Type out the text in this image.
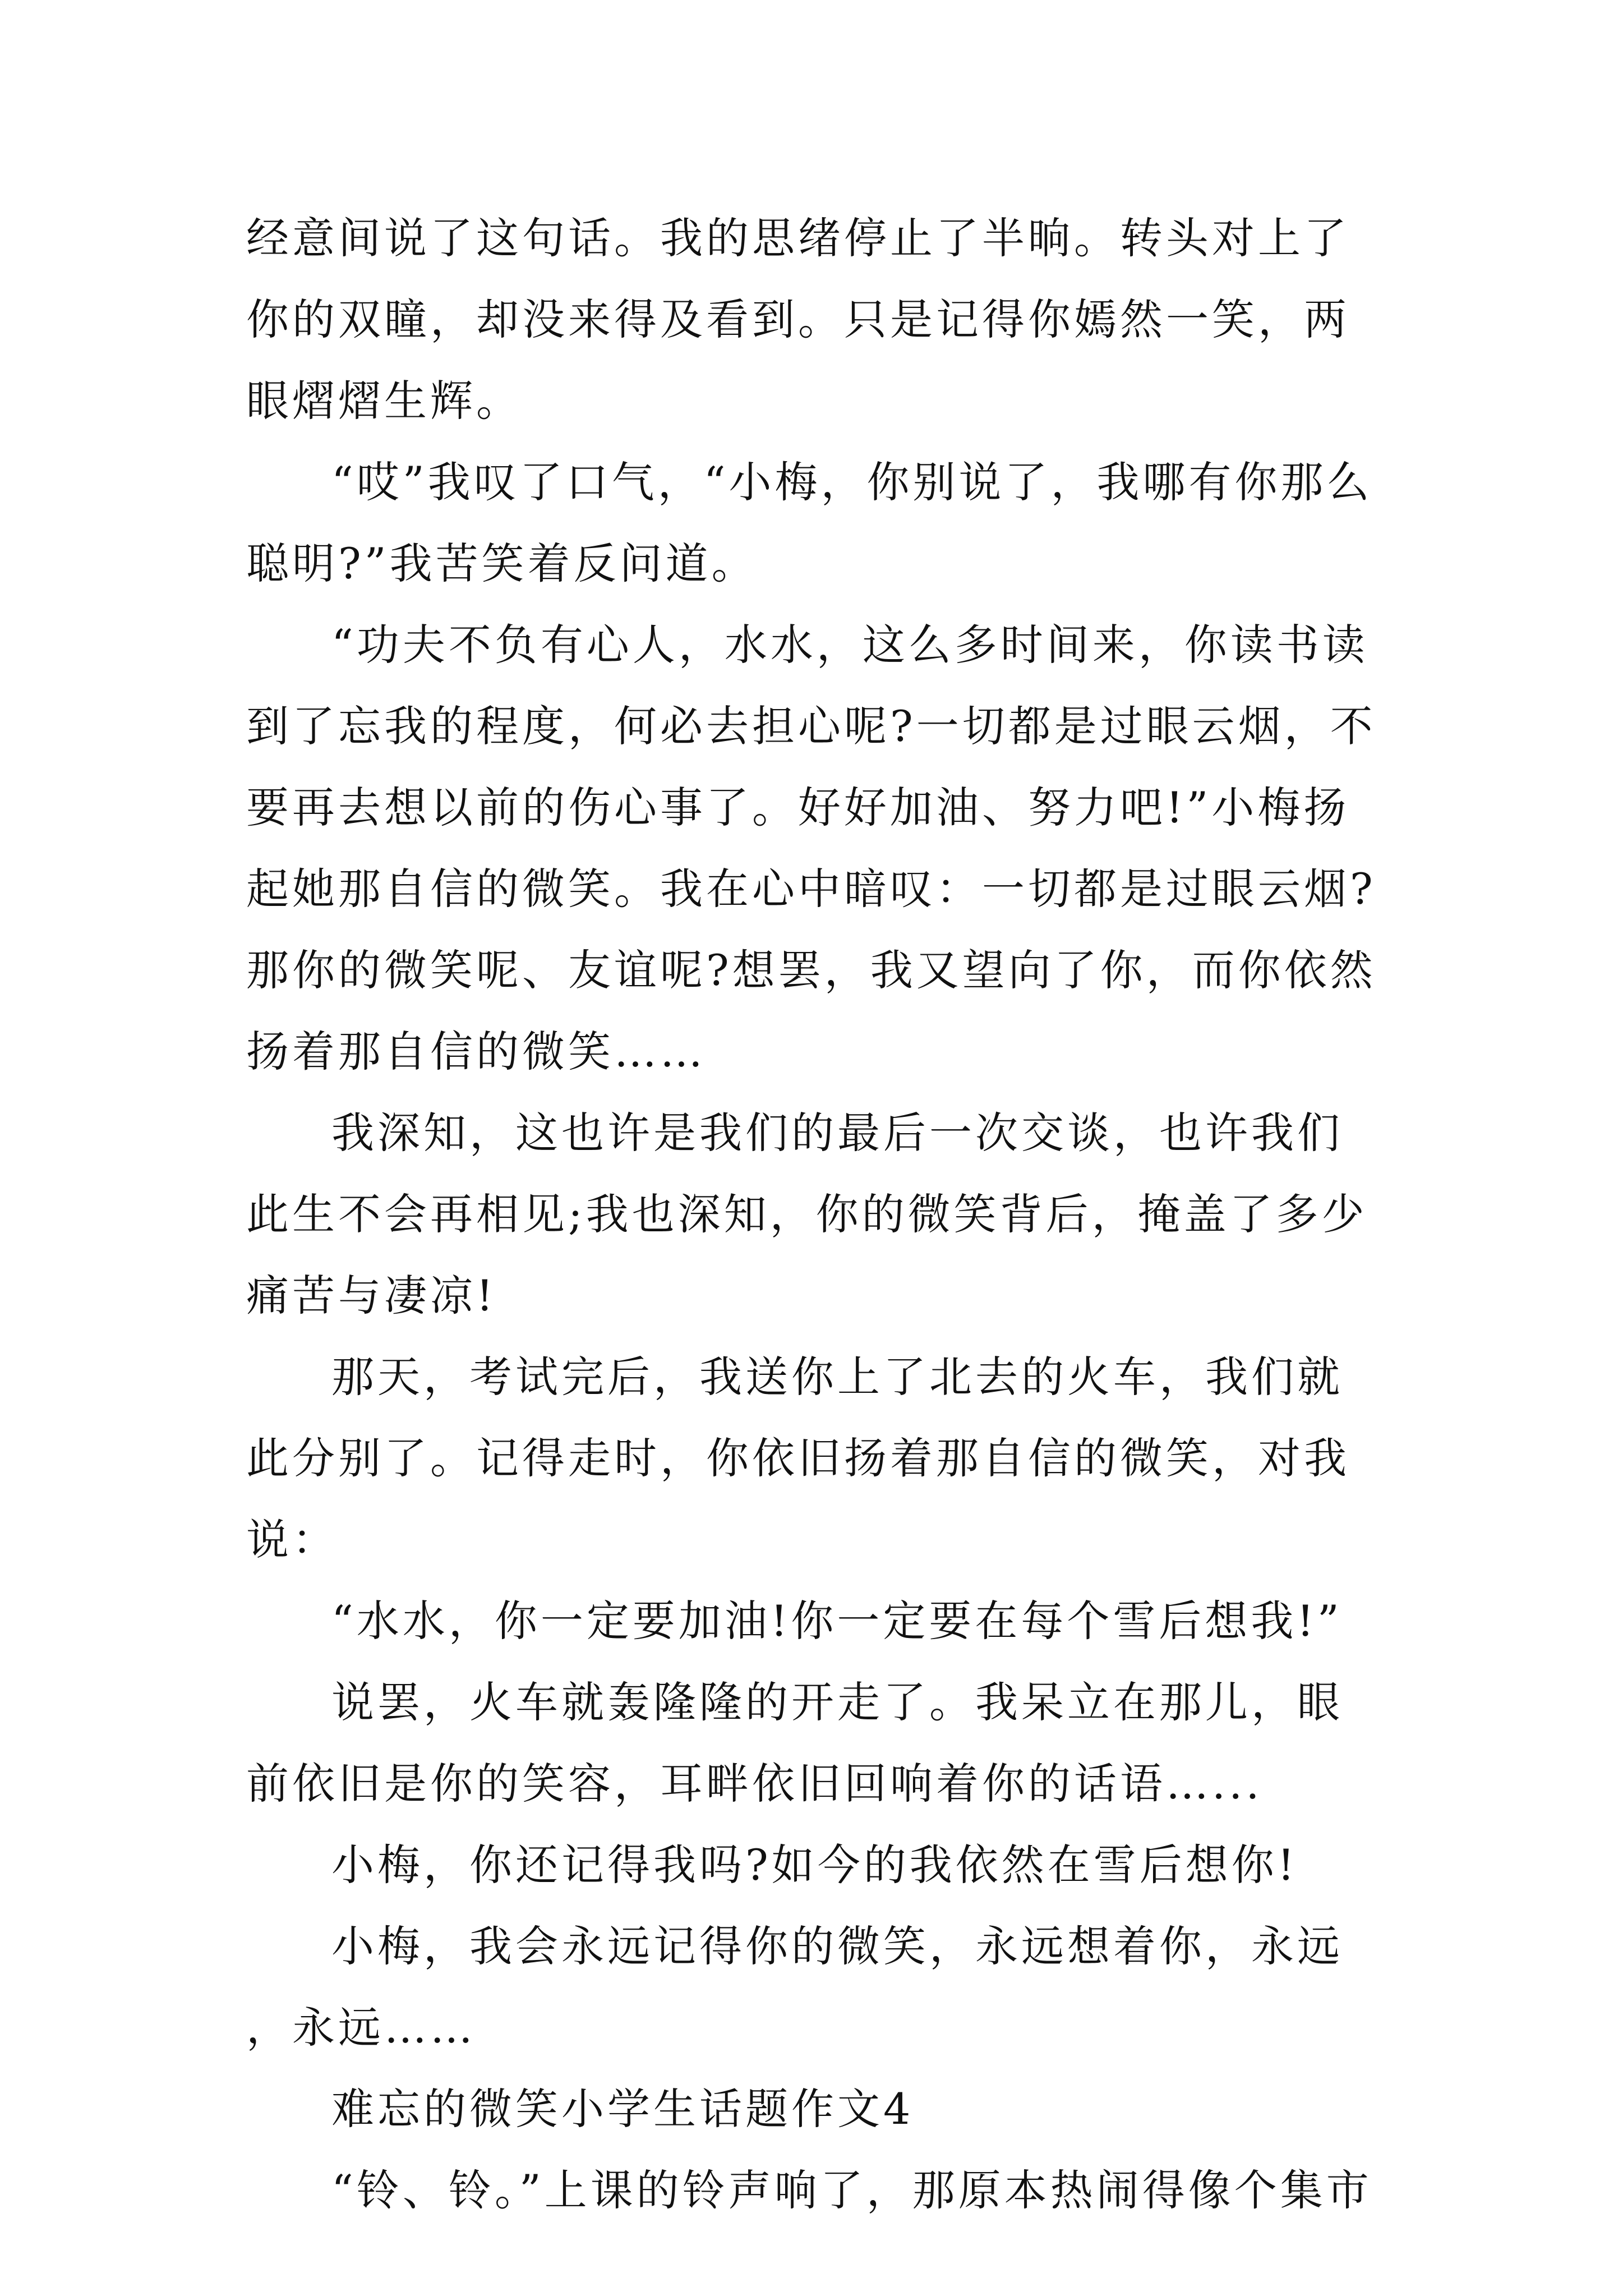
经意间说了这句话。我的思绪停止了半晌。转头对上了你的双瞳，却没来得及看到。只是记得你嫣然一笑，两眼熠熠生辉。

“哎”我叹了口气，“小梅，你别说了，我哪有你那么聪明?”我苦笑着反问道。

“功夫不负有心人，水水，这么多时间来，你读书读到了忘我的程度，何必去担心呢?一切都是过眼云烟，不要再去想以前的伤心事了。好好加油、努力吧!”小梅扬起她那自信的微笑。我在心中暗叹：一切都是过眼云烟?那你的微笑呢、友谊呢?想罢，我又望向了你，而你依然扬着那自信的微笑……

我深知，这也许是我们的最后一次交谈，也许我们此生不会再相见;我也深知，你的微笑背后，掩盖了多少痛苦与凄凉!

那天，考试完后，我送你上了北去的火车，我们就此分别了。记得走时，你依旧扬着那自信的微笑，对我说：

“水水，你一定要加油!你一定要在每个雪后想我!”

说罢，火车就轰隆隆的开走了。我呆立在那儿，眼前依旧是你的笑容，耳畔依旧回响着你的话语…...

小梅，你还记得我吗?如今的我依然在雪后想你!

小梅，我会永远记得你的微笑，永远想着你，永远，永远……

难忘的微笑小学生话题作文4

“铃、铃。”上课的铃声响了，那原本热闹得像个集市
